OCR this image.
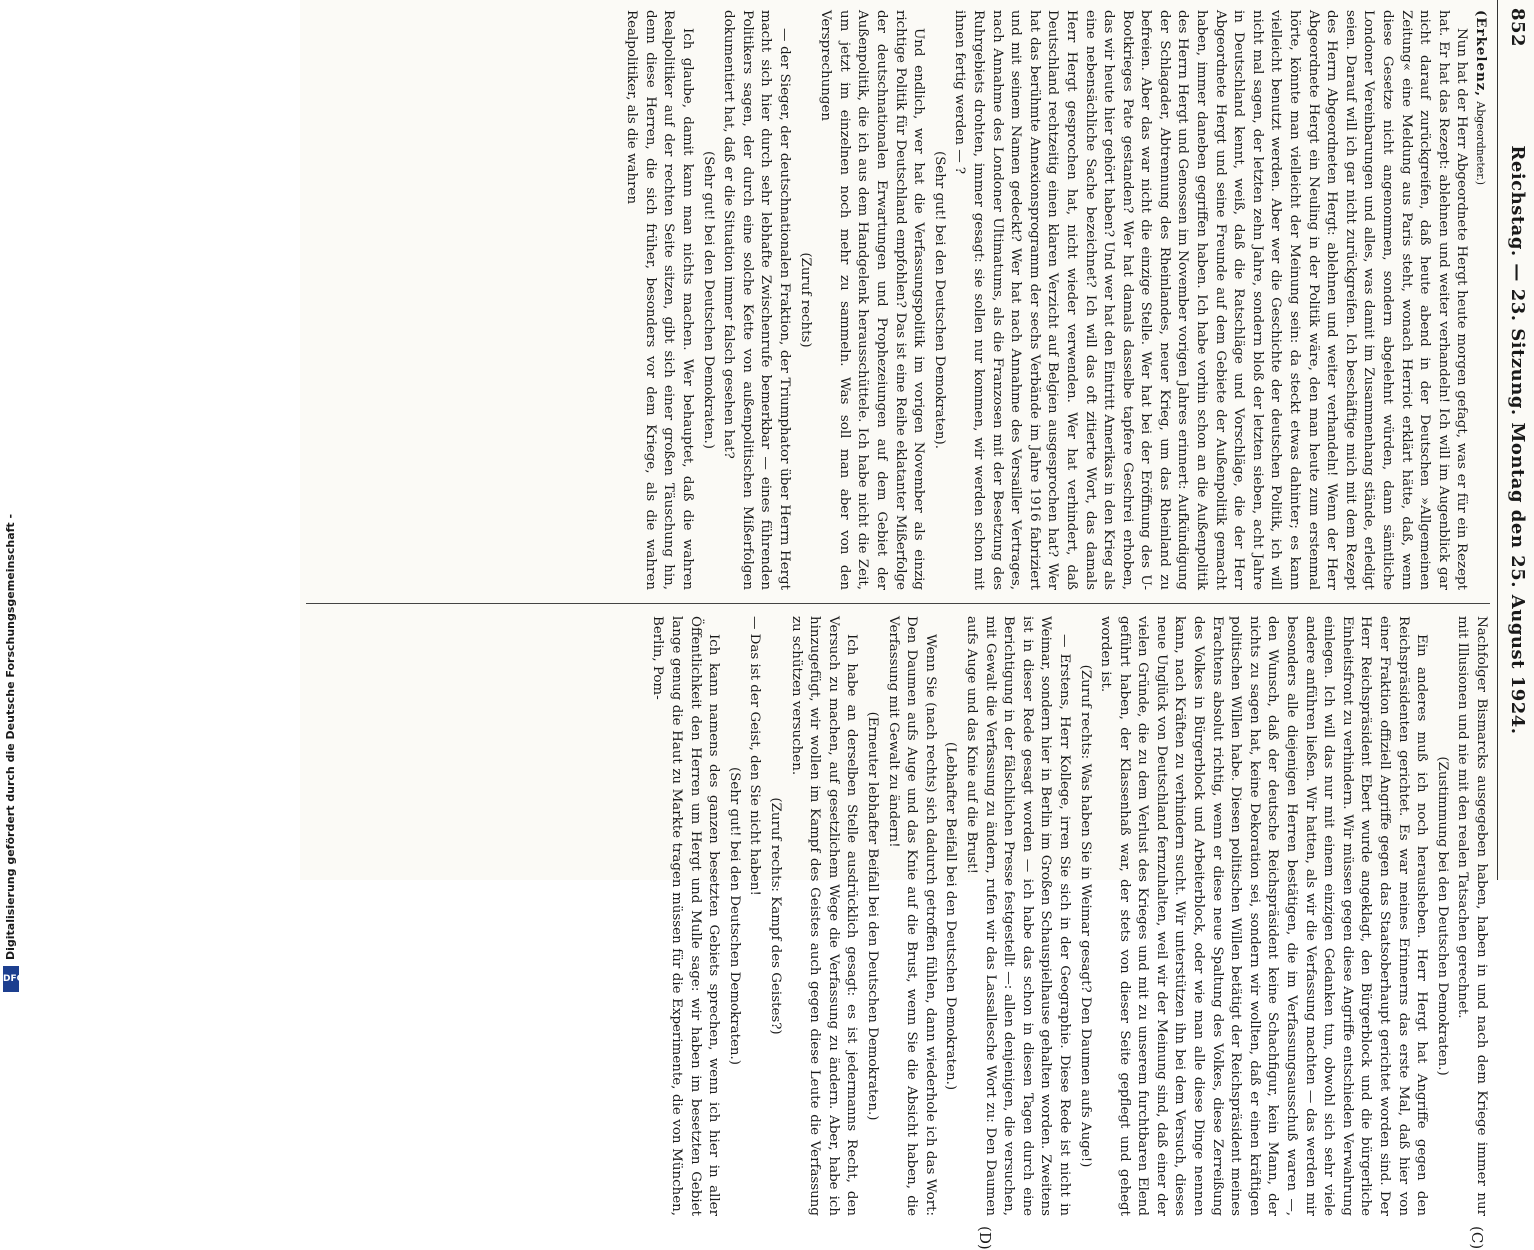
Digitalisierung gefördert durch die Deutsche Forschungsgemeinschaft -
DFG
852
Reichstag. — 23. Sitzung. Montag den 25. August 1924.
(C)
(D)

(Erkelenz, Abgeordneter.)

Nun hat der Herr Abgeordnete Hergt heute morgen gefagt, was er für ein Rezept hat. Er hat das Rezept: ablehnen und weiter verhandeln! Ich will im Augenblick gar nicht darauf zurückgreifen, daß heute abend in der Deutschen »Allgemeinen Zeitung« eine Meldung aus Paris steht, wonach Herriot erklärt hätte, daß, wenn diese Gesetze nicht angenommen, sondern abgelehnt würden, dann sämtliche Londoner Vereinbarungen und alles, was damit im Zusammenhang stände, erledigt seien. Darauf will ich gar nicht zurückgreifen. Ich beschäftige mich mit dem Rezept des Herrn Abgeordneten Hergt: ablehnen und weiter verhandeln! Wenn der Herr Abgeordnete Hergt ein Neuling in der Politik wäre, den man heute zum erstenmal hörte, könnte man vielleicht der Meinung sein: da steckt etwas dahinter; es kann vielleicht benutzt werden. Aber wer die Geschichte der deutschen Politik, ich will nicht mal sagen, der letzten zehn Jahre, sondern bloß der letzten sieben, acht Jahre in Deutschland kennt, weiß, daß die Ratschläge und Vorschläge, die der Herr Abgeordnete Hergt und seine Freunde auf dem Gebiete der Außenpolitik gemacht haben, immer daneben gegriffen haben. Ich habe vorhin schon an die Außenpolitik des Herrn Hergt und Genossen im November vorigen Jahres erinnert: Aufkündigung der Schlagader, Abtrennung des Rheinlandes, neuer Krieg, um das Rheinland zu befreien. Aber das war nicht die einzige Stelle. Wer hat bei der Eröffnung des U-Bootkrieges Pate gestanden? Wer hat damals dasselbe tapfere Geschrei erhoben, das wir heute hier gehört haben? Und wer hat den Eintritt Amerikas in den Krieg als eine nebensächliche Sache bezeichnet? Ich will das oft zitierte Wort, das damals Herr Hergt gesprochen hat, nicht wieder verwenden. Wer hat verhindert, daß Deutschland rechtzeitig einen klaren Verzicht auf Belgien ausgesprochen hat? Wer hat das berühmte Annexionsprogramm der sechs Verbände im Jahre 1916 fabriziert und mit seinem Namen gedeckt? Wer hat nach Annahme des Versailler Vertrages, nach Annahme des Londoner Ultimatums, als die Franzosen mit der Besetzung des Ruhrgebiets drohten, immer gesagt: sie sollen nur kommen, wir werden schon mit ihnen fertig werden — ?

(Sehr gut! bei den Deutschen Demokraten).

Und endlich, wer hat die Verfassungspolitik im vorigen November als einzig richtige Politik für Deutschland empfohlen? Das ist eine Reihe eklatanter Mißerfolge der deutschnationalen Erwartungen und Prophezeiungen auf dem Gebiet der Außenpolitik, die ich aus dem Handgelenk herausschüttele. Ich habe nicht die Zeit, um jetzt im einzelnen noch mehr zu sammeln. Was soll man aber von den Versprechungen

(Zuruf rechts)

— der Sieger, der deutschnationalen Fraktion, der Triumphator über Herrn Hergt macht sich hier durch sehr lebhafte Zwischenrufe bemerkbar — eines führenden Politikers sagen, der durch eine solche Kette von außenpolitischen Mißerfolgen dokumentiert hat, daß er die Situation immer falsch gesehen hat?

(Sehr gut! bei den Deutschen Demokraten.)

Ich glaube, damit kann man nichts machen. Wer behauptet, daß die wahren Realpolitiker auf der rechten Seite sitzen, gibt sich einer großen Täuschung hin, denn diese Herren, die sich früher, besonders vor dem Kriege, als die wahren Realpolitiker, als die wahren

Nachfolger Bismarcks ausgegeben haben, haben in und nach dem Kriege immer nur mit Illusionen und nie mit den realen Tatsachen gerechnet.

(Zustimmung bei den Deutschen Demokraten.)

Ein anderes muß ich noch herausheben. Herr Hergt hat Angriffe gegen den Reichspräsidenten gerichtet. Es war meines Erinnerns das erste Mal, daß hier von einer Fraktion offiziell Angriffe gegen das Staatsoberhaupt gerichtet worden sind. Der Herr Reichspräsident Ebert wurde angeklagt, den Bürgerblock und die bürgerliche Einheitsfront zu verhindern. Wir müssen gegen diese Angriffe entschieden Verwahrung einlegen. Ich will das nur mit einem einzigen Gedanken tun, obwohl sich sehr viele andere anführen ließen. Wir hatten, als wir die Verfassung machten — das werden mir besonders alle diejenigen Herren bestätigen, die im Verfassungsausschuß waren —, den Wunsch, daß der deutsche Reichspräsident keine Schachfigur, kein Mann, der nichts zu sagen hat, keine Dekoration sei, sondern wir wollten, daß er einen kräftigen politischen Willen habe. Diesen politischen Willen betätigt der Reichspräsident meines Erachtens absolut richtig, wenn er diese neue Spaltung des Volkes, diese Zerreißung des Volkes in Bürgerblock und Arbeiterblock, oder wie man alle diese Dinge nennen kann, nach Kräften zu verhindern sucht. Wir unterstützen ihn bei dem Versuch, dieses neue Unglück von Deutschland fernzuhalten, weil wir der Meinung sind, daß einer der vielen Gründe, die zu dem Verlust des Krieges und mit zu unserem furchtbaren Elend geführt haben, der Klassenhaß war, der stets von dieser Seite gepflegt und gehegt worden ist.

(Zuruf rechts: Was haben Sie in Weimar gesagt? Den Daumen aufs Auge!)

— Erstens, Herr Kollege, irren Sie sich in der Geographie. Diese Rede ist nicht in Weimar, sondern hier in Berlin im Großen Schauspielhause gehalten worden. Zweitens ist in dieser Rede gesagt worden — ich habe das schon in diesen Tagen durch eine Berichtigung in der fälschlichen Presse festgestellt —: allen denjenigen, die versuchen, mit Gewalt die Verfassung zu ändern, rufen wir das Lassallesche Wort zu: Den Daumen aufs Auge und das Knie auf die Brust!

(Lebhafter Beifall bei den Deutschen Demokraten.)

Wenn Sie (nach rechts) sich dadurch getroffen fühlen, dann wiederhole ich das Wort: Den Daumen aufs Auge und das Knie auf die Brust, wenn Sie die Absicht haben, die Verfassung mit Gewalt zu ändern!

(Erneuter lebhafter Beifall bei den Deutschen Demokraten.)

Ich habe an derselben Stelle ausdrücklich gesagt: es ist jedermanns Recht, den Versuch zu machen, auf gesetzlichem Wege die Verfassung zu ändern. Aber, habe ich hinzugefügt, wir wollen im Kampf des Geistes auch gegen diese Leute die Verfassung zu schützen versuchen.

(Zuruf rechts: Kampf des Geistes?)

— Das ist der Geist, den Sie nicht haben!

(Sehr gut! bei den Deutschen Demokraten.)

Ich kann namens des ganzen besetzten Gebiets sprechen, wenn ich hier in aller Öffentlichkeit den Herren um Hergt und Mulle sage: wir haben im besetzten Gebiet lange genug die Haut zu Markte tragen müssen für die Experimente, die von München, Berlin, Pom-
